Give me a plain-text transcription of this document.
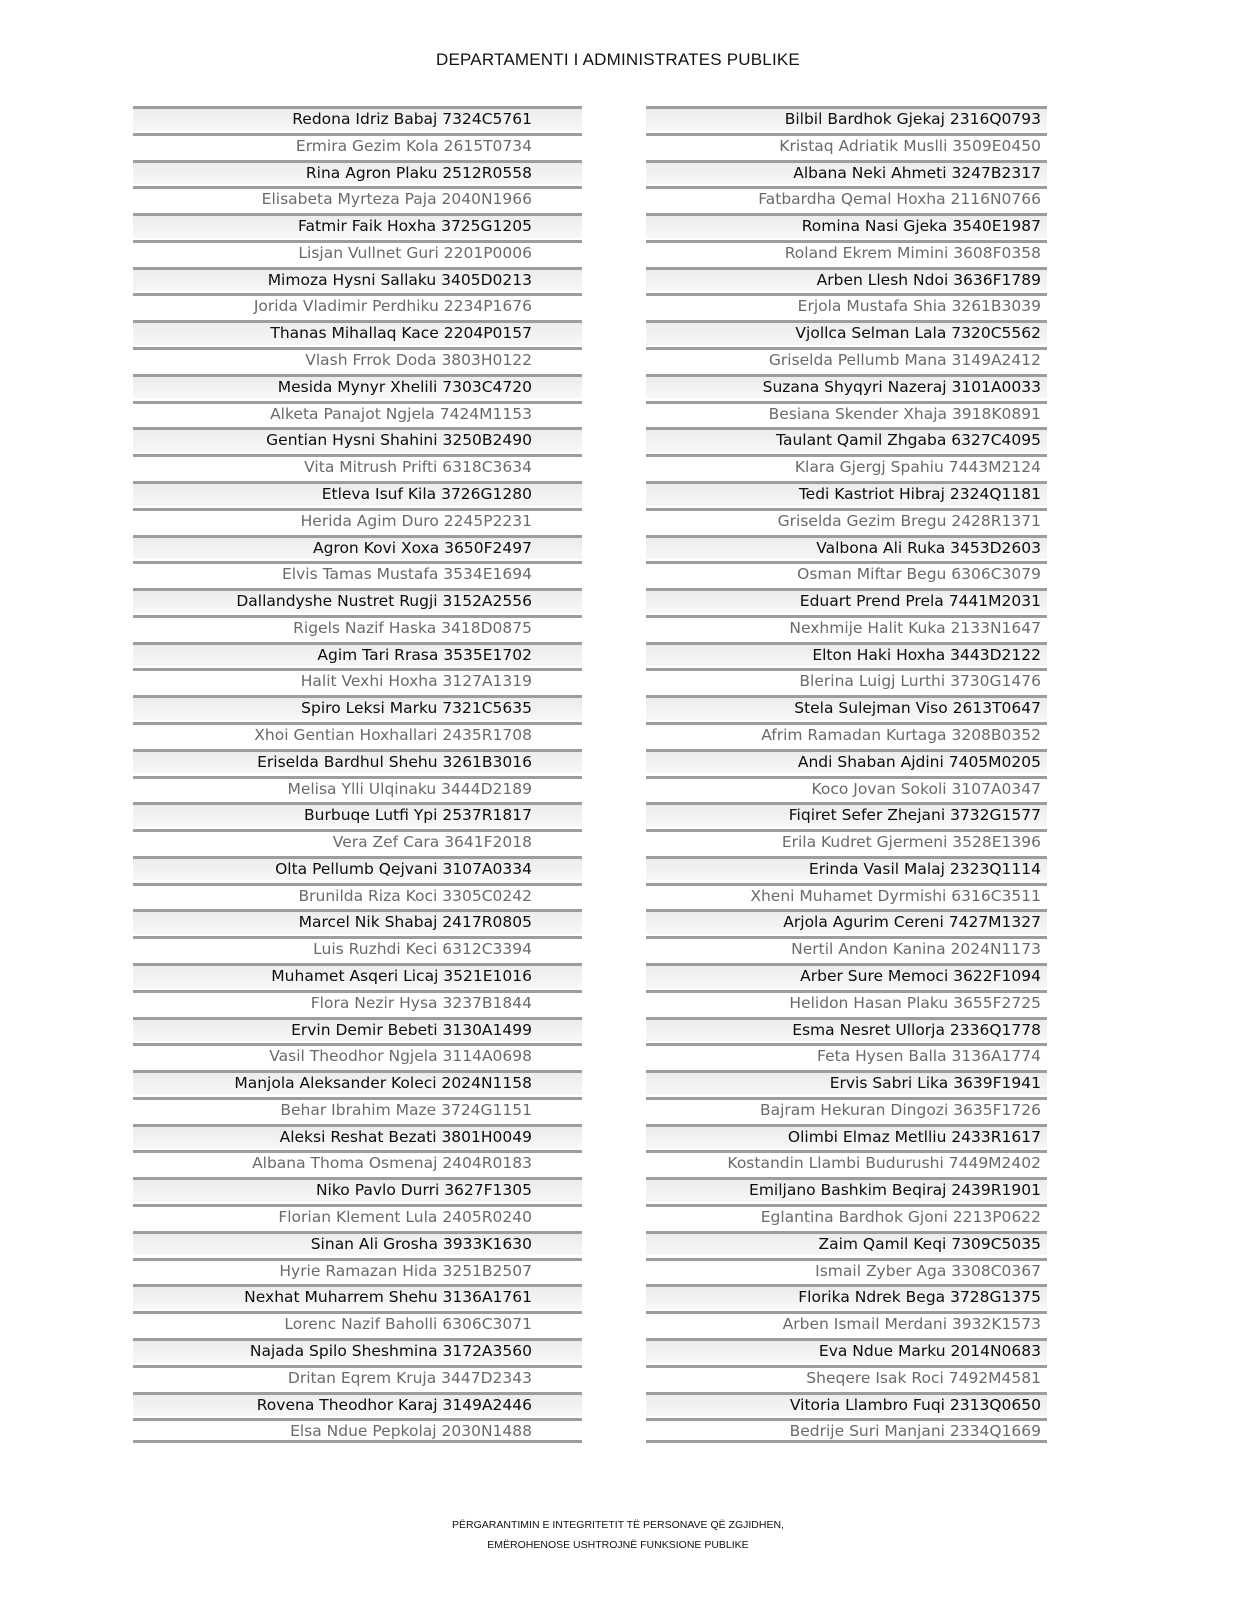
DEPARTAMENTI I ADMINISTRATES PUBLIKE
Redona Idriz Babaj 7324C5761
Ermira Gezim Kola 2615T0734
Rina Agron Plaku 2512R0558
Elisabeta Myrteza Paja 2040N1966
Fatmir Faik Hoxha 3725G1205
Lisjan Vullnet Guri 2201P0006
Mimoza Hysni Sallaku 3405D0213
Jorida Vladimir Perdhiku 2234P1676
Thanas Mihallaq Kace 2204P0157
Vlash Frrok Doda 3803H0122
Mesida Mynyr Xhelili 7303C4720
Alketa Panajot Ngjela 7424M1153
Gentian Hysni Shahini 3250B2490
Vita Mitrush Prifti 6318C3634
Etleva Isuf Kila 3726G1280
Herida Agim Duro 2245P2231
Agron Kovi Xoxa 3650F2497
Elvis Tamas Mustafa 3534E1694
Dallandyshe Nustret Rugji 3152A2556
Rigels Nazif Haska 3418D0875
Agim Tari Rrasa 3535E1702
Halit Vexhi Hoxha 3127A1319
Spiro Leksi Marku 7321C5635
Xhoi Gentian Hoxhallari 2435R1708
Eriselda Bardhul Shehu 3261B3016
Melisa Ylli Ulqinaku 3444D2189
Burbuqe Lutfi Ypi 2537R1817
Vera Zef Cara 3641F2018
Olta Pellumb Qejvani 3107A0334
Brunilda Riza Koci 3305C0242
Marcel Nik Shabaj 2417R0805
Luis Ruzhdi Keci 6312C3394
Muhamet Asqeri Licaj 3521E1016
Flora Nezir Hysa 3237B1844
Ervin Demir Bebeti 3130A1499
Vasil Theodhor Ngjela 3114A0698
Manjola Aleksander Koleci 2024N1158
Behar Ibrahim Maze 3724G1151
Aleksi Reshat Bezati 3801H0049
Albana Thoma Osmenaj 2404R0183
Niko Pavlo Durri 3627F1305
Florian Klement Lula 2405R0240
Sinan Ali Grosha 3933K1630
Hyrie Ramazan Hida 3251B2507
Nexhat Muharrem Shehu 3136A1761
Lorenc Nazif Baholli 6306C3071
Najada Spilo Sheshmina 3172A3560
Dritan Eqrem Kruja 3447D2343
Rovena Theodhor Karaj 3149A2446
Elsa Ndue Pepkolaj 2030N1488
Bilbil Bardhok Gjekaj 2316Q0793
Kristaq Adriatik Muslli 3509E0450
Albana Neki Ahmeti 3247B2317
Fatbardha Qemal Hoxha 2116N0766
Romina Nasi Gjeka 3540E1987
Roland Ekrem Mimini 3608F0358
Arben Llesh Ndoi 3636F1789
Erjola Mustafa Shia 3261B3039
Vjollca Selman Lala 7320C5562
Griselda Pellumb Mana 3149A2412
Suzana Shyqyri Nazeraj 3101A0033
Besiana Skender Xhaja 3918K0891
Taulant Qamil Zhgaba 6327C4095
Klara Gjergj Spahiu 7443M2124
Tedi Kastriot Hibraj 2324Q1181
Griselda Gezim Bregu 2428R1371
Valbona Ali Ruka 3453D2603
Osman Miftar Begu 6306C3079
Eduart Prend Prela 7441M2031
Nexhmije Halit Kuka 2133N1647
Elton Haki Hoxha 3443D2122
Blerina Luigj Lurthi 3730G1476
Stela Sulejman Viso 2613T0647
Afrim Ramadan Kurtaga 3208B0352
Andi Shaban Ajdini 7405M0205
Koco Jovan Sokoli 3107A0347
Fiqiret Sefer Zhejani 3732G1577
Erila Kudret Gjermeni 3528E1396
Erinda Vasil Malaj 2323Q1114
Xheni Muhamet Dyrmishi 6316C3511
Arjola Agurim Cereni 7427M1327
Nertil Andon Kanina 2024N1173
Arber Sure Memoci 3622F1094
Helidon Hasan Plaku 3655F2725
Esma Nesret Ullorja 2336Q1778
Feta Hysen Balla 3136A1774
Ervis Sabri Lika 3639F1941
Bajram Hekuran Dingozi 3635F1726
Olimbi Elmaz Metlliu 2433R1617
Kostandin Llambi Budurushi 7449M2402
Emiljano Bashkim Beqiraj 2439R1901
Eglantina Bardhok Gjoni 2213P0622
Zaim Qamil Keqi 7309C5035
Ismail Zyber Aga 3308C0367
Florika Ndrek Bega 3728G1375
Arben Ismail Merdani 3932K1573
Eva Ndue Marku 2014N0683
Sheqere Isak Roci 7492M4581
Vitoria Llambro Fuqi 2313Q0650
Bedrije Suri Manjani 2334Q1669
PËRGARANTIMIN E INTEGRITETIT TË PERSONAVE QË ZGJIDHEN,
EMËROHENOSE USHTROJNË FUNKSIONE PUBLIKE
